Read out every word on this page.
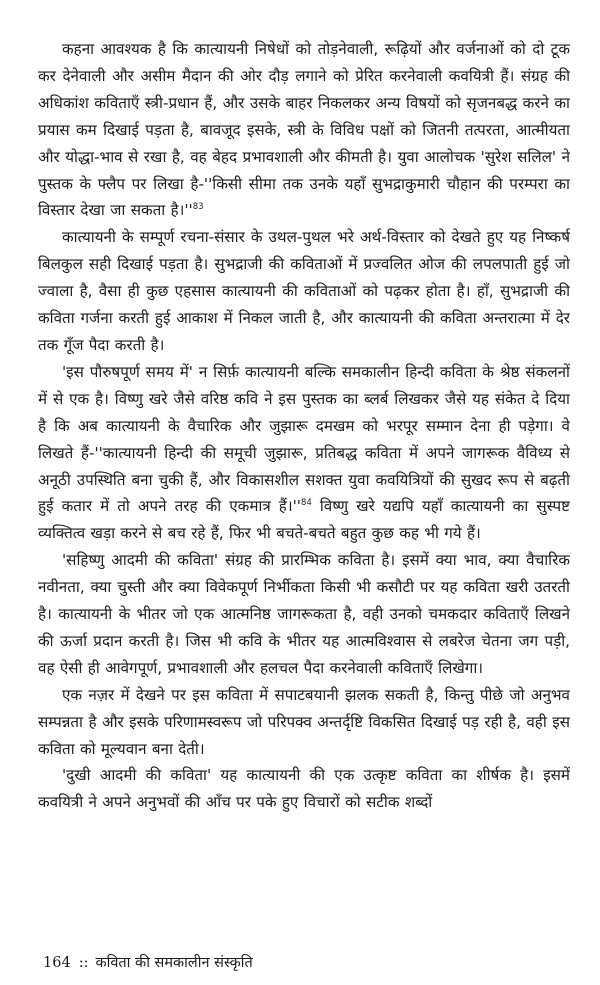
कहना आवश्यक है कि कात्यायनी निषेधों को तोड़नेवाली, रूढ़ियों और वर्जनाओं को दो टूक कर देनेवाली और असीम मैदान की ओर दौड़ लगाने को प्रेरित करनेवाली कवयित्री हैं। संग्रह की अधिकांश कविताएँ स्त्री-प्रधान हैं, और उसके बाहर निकलकर अन्य विषयों को सृजनबद्ध करने का प्रयास कम दिखाई पड़ता है, बावजूद इसके, स्त्री के विविध पक्षों को जितनी तत्परता, आत्मीयता और योद्धा-भाव से रखा है, वह बेहद प्रभावशाली और कीमती है। युवा आलोचक 'सुरेश सलिल' ने पुस्तक के फ्लैप पर लिखा है-''किसी सीमा तक उनके यहाँ सुभद्राकुमारी चौहान की परम्परा का विस्तार देखा जा सकता $है।''^{83}$

कात्यायनी के सम्पूर्ण रचना-संसार के उथल-पुथल भरे अर्थ-विस्तार को देखते हुए यह निष्कर्ष बिलकुल सही दिखाई पड़ता है। सुभद्राजी की कविताओं में प्रज्वलित ओज की लपलपाती हुई जो ज्वाला है, वैसा ही कुछ एहसास कात्यायनी की कविताओं को पढ़कर होता है। हाँ, सुभद्राजी की कविता गर्जना करती हुई आकाश में निकल जाती है, और कात्यायनी की कविता अन्तरात्मा में देर तक गूँज पैदा करती है।

'इस पौरुषपूर्ण समय में' न सिर्फ़ कात्यायनी बल्कि समकालीन हिन्दी कविता के श्रेष्ठ संकलनों में से एक है। विष्णु खरे जैसे वरिष्ठ कवि ने इस पुस्तक का ब्लर्ब लिखकर जैसे यह संकेत दे दिया है कि अब कात्यायनी के वैचारिक और जुझारू दमखम को भरपूर सम्मान देना ही पड़ेगा। वे लिखते हैं-''कात्यायनी हिन्दी की समूची जुझारू, प्रतिबद्ध कविता में अपने जागरूक वैविध्य से अनूठी उपस्थिति बना चुकी हैं, और विकासशील सशक्त युवा कवयित्रियों की सुखद रूप से बढ़ती हुई कतार में तो अपने तरह की एकमात्र $हैं।''^{84}$ विष्णु खरे यद्यपि यहाँ कात्यायनी का सुस्पष्ट व्यक्तित्व खड़ा करने से बच रहे हैं, फिर भी बचते-बचते बहुत कुछ कह भी गये हैं।

'सहिष्णु आदमी की कविता' संग्रह की प्रारम्भिक कविता है। इसमें क्या भाव, क्या वैचारिक नवीनता, क्या चुस्ती और क्या विवेकपूर्ण निर्भीकता किसी भी कसौटी पर यह कविता खरी उतरती है। कात्यायनी के भीतर जो एक आत्मनिष्ठ जागरूकता है, वही उनको चमकदार कविताएँ लिखने की ऊर्जा प्रदान करती है। जिस भी कवि के भीतर यह आत्मविश्वास से लबरेज चेतना जग पड़ी, वह ऐसी ही आवेगपूर्ण, प्रभावशाली और हलचल पैदा करनेवाली कविताएँ लिखेगा।

एक नज़र में देखने पर इस कविता में सपाटबयानी झलक सकती है, किन्तु पीछे जो अनुभव सम्पन्नता है और इसके परिणामस्वरूप जो परिपक्व अन्तर्दृष्टि विकसित दिखाई पड़ रही है, वही इस कविता को मूल्यवान बना देती।

'दुखी आदमी की कविता' यह कात्यायनी की एक उत्कृष्ट कविता का शीर्षक है। इसमें कवयित्री ने अपने अनुभवों की आँच पर पके हुए विचारों को सटीक शब्दों

164 :: कविता की समकालीन संस्कृति
